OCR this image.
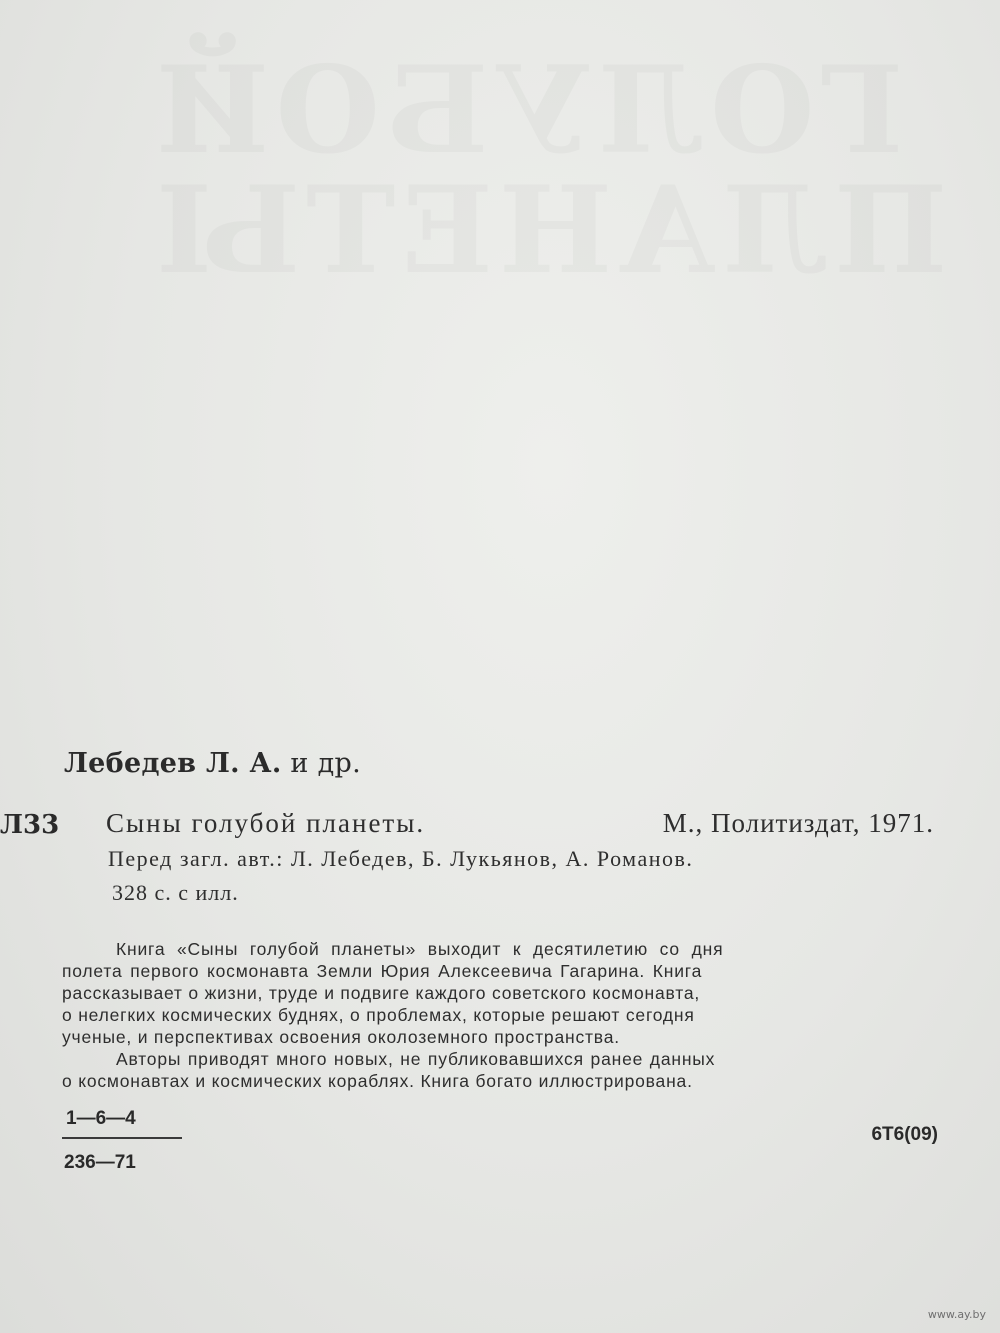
ГОЛУБОЙ
ПЛАНЕТЫ
Лебедев Л. А. и др.
Л33 Сыны голубой планеты.	М., Политиздат, 1971.
Перед загл. авт.: Л. Лебедев, Б. Лукьянов, А. Романов.
328 с. с илл.
Книга «Сыны голубой планеты» выходит к десятилетию со дня
полета первого космонавта Земли Юрия Алексеевича Гагарина. Книга
рассказывает о жизни, труде и подвиге каждого советского космонавта,
о нелегких космических буднях, о проблемах, которые решают сегодня
ученые, и перспективах освоения околоземного пространства.
Авторы приводят много новых, не публиковавшихся ранее данных
о космонавтах и космических кораблях. Книга богато иллюстрирована.
1—6—4
236—71
6Т6(09)
www.ay.by
